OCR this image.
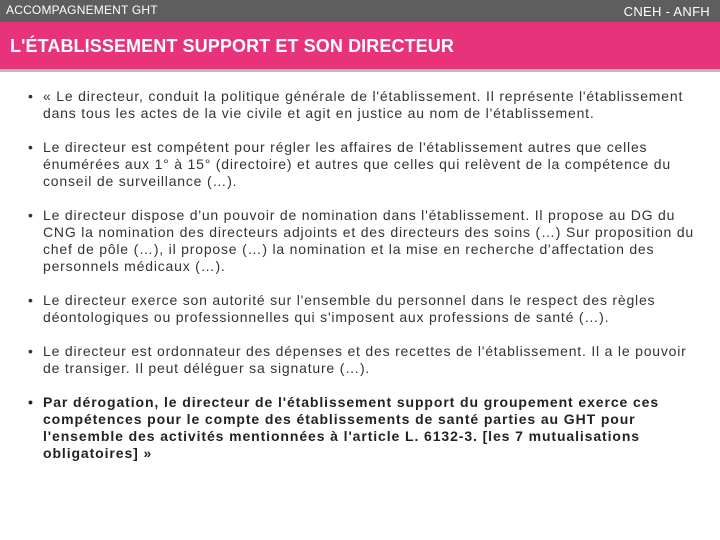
ACCOMPAGNEMENT GHT	CNEH - ANFH
L'ÉTABLISSEMENT SUPPORT ET SON DIRECTEUR
• « Le directeur, conduit la politique générale de l'établissement. Il représente l'établissement dans tous les actes de la vie civile et agit en justice au nom de l'établissement.
• Le directeur est compétent pour régler les affaires de l'établissement autres que celles énumérées aux 1° à 15° (directoire) et autres que celles qui relèvent de la compétence du conseil de surveillance (…).
• Le directeur dispose d'un pouvoir de nomination dans l'établissement. Il propose au DG du CNG la nomination des directeurs adjoints et des directeurs des soins (…) Sur proposition du chef de pôle (…), il propose (…) la nomination et la mise en recherche d'affectation des personnels médicaux (…).
• Le directeur exerce son autorité sur l'ensemble du personnel dans le respect des règles déontologiques ou professionnelles qui s'imposent aux professions de santé (…).
• Le directeur est ordonnateur des dépenses et des recettes de l'établissement. Il a le pouvoir de transiger. Il peut déléguer sa signature (…).
• Par dérogation, le directeur de l'établissement support du groupement exerce ces compétences pour le compte des établissements de santé parties au GHT pour l'ensemble des activités mentionnées à l'article L. 6132-3. [les 7 mutualisations obligatoires] »
